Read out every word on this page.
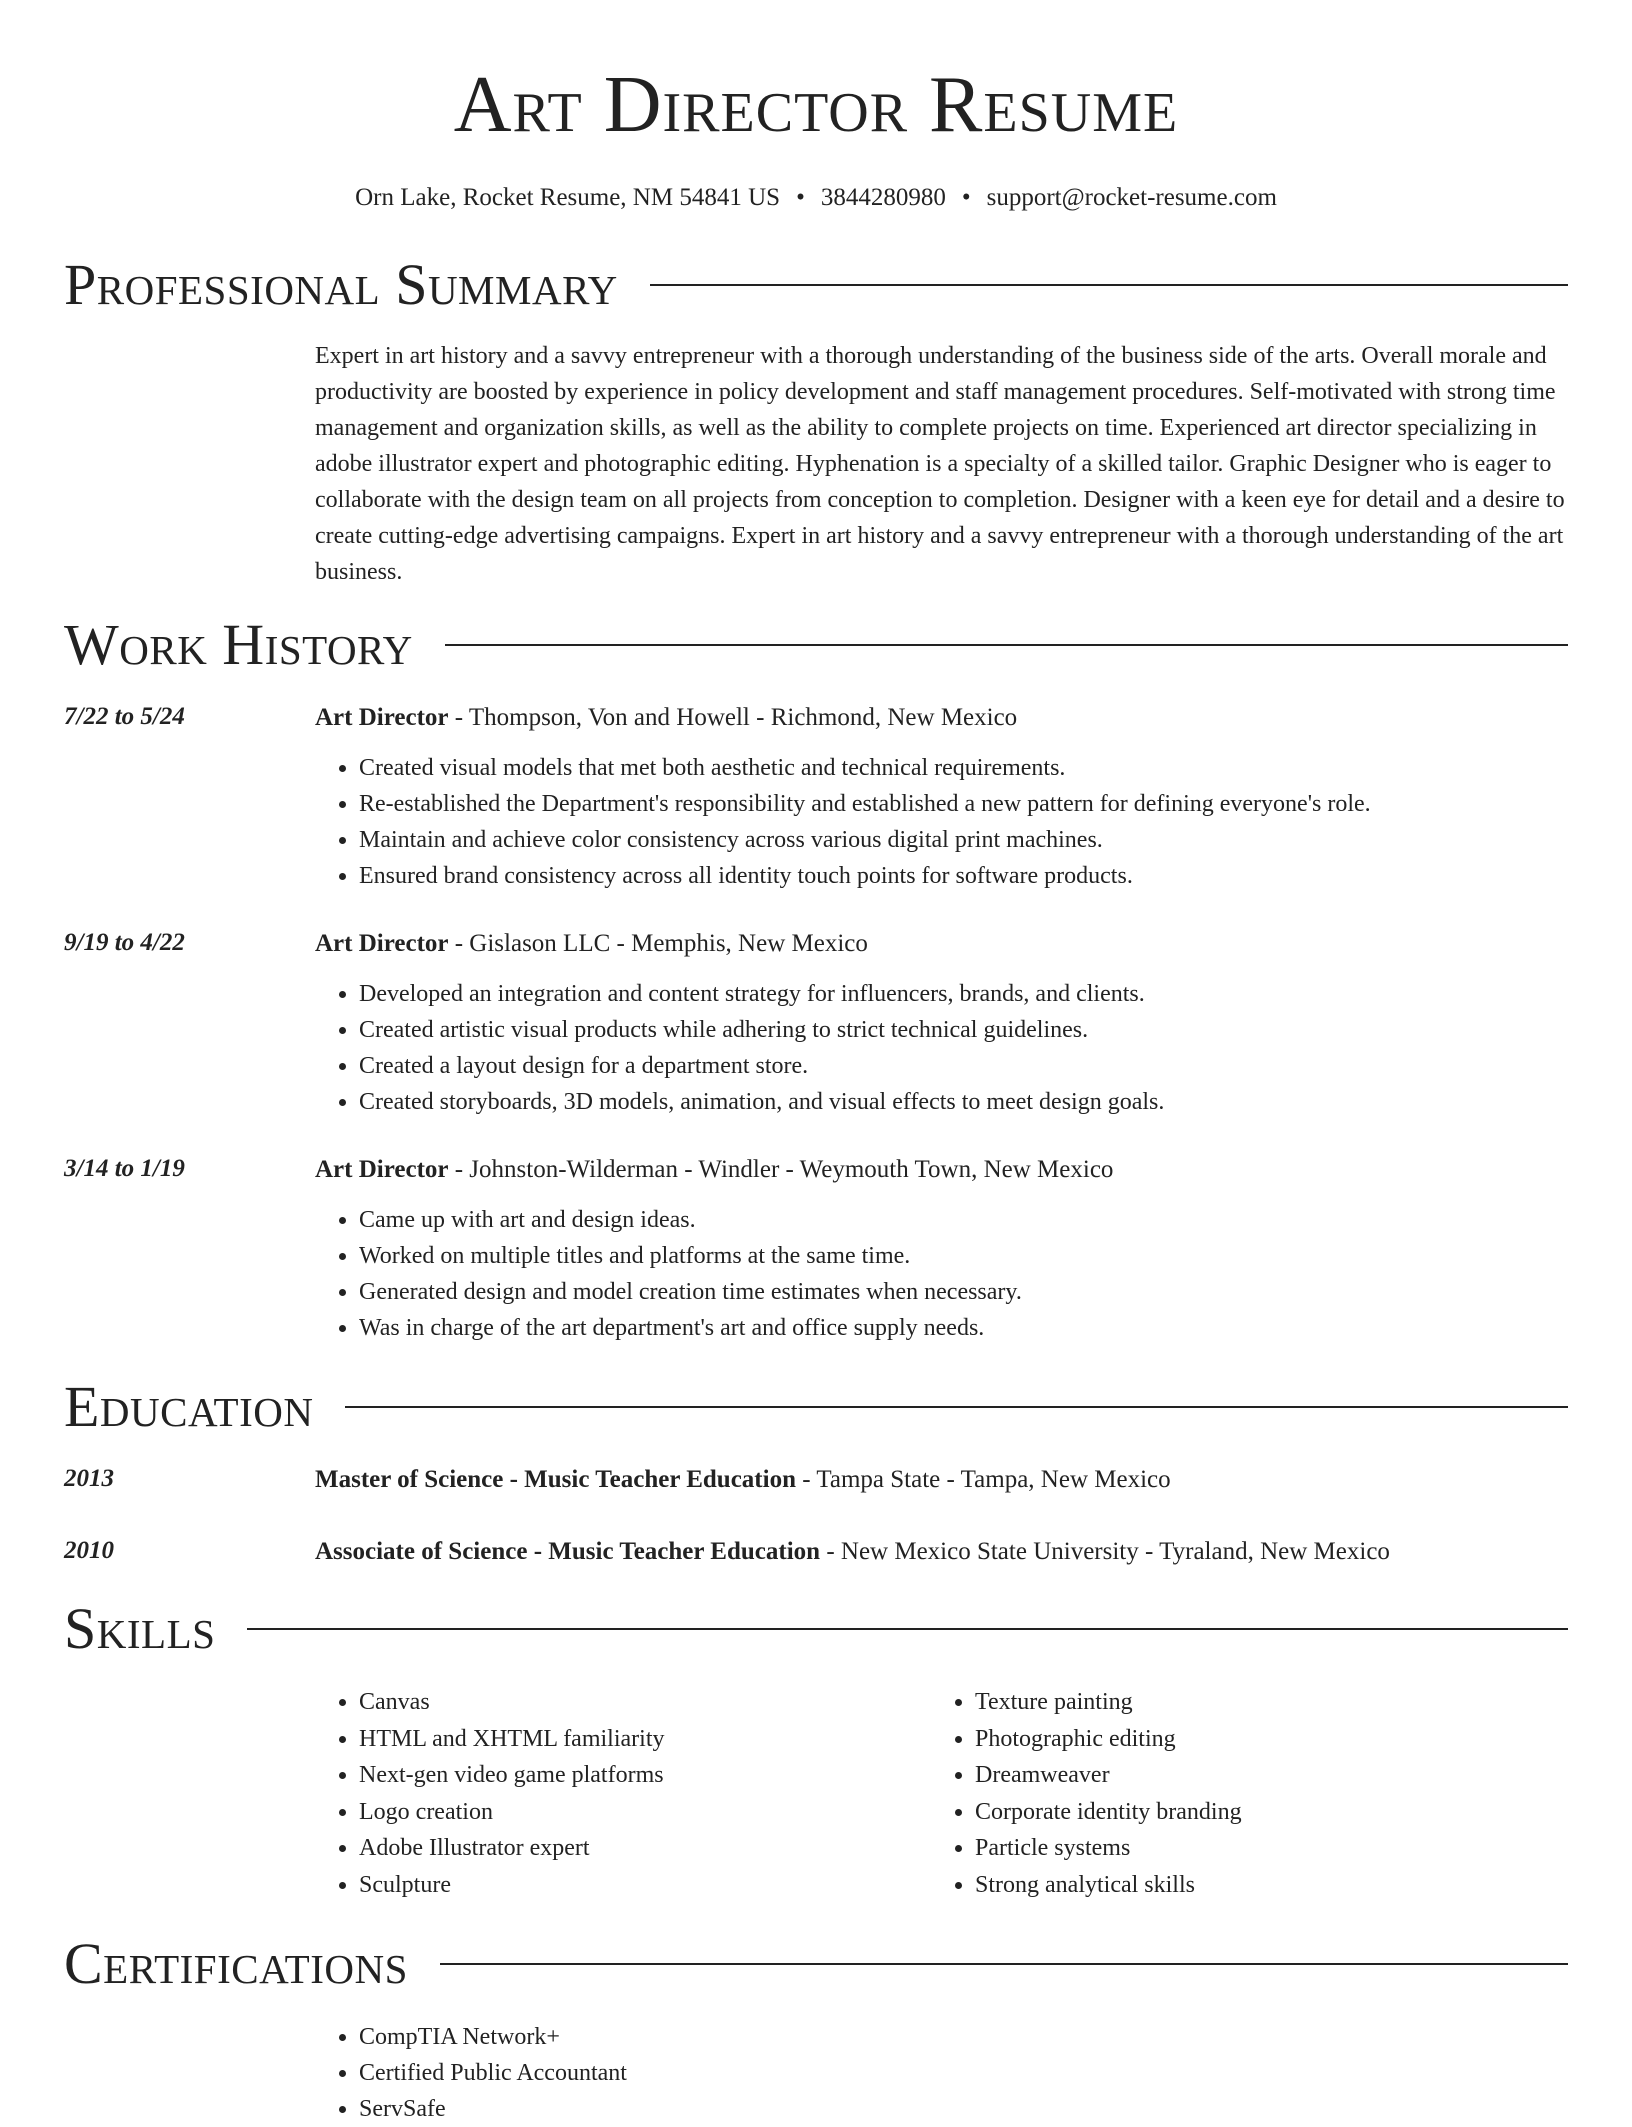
Art Director Resume
Orn Lake, Rocket Resume, NM 54841 US • 3844280980 • support@rocket-resume.com
Professional Summary
Expert in art history and a savvy entrepreneur with a thorough understanding of the business side of the arts. Overall morale and productivity are boosted by experience in policy development and staff management procedures. Self-motivated with strong time management and organization skills, as well as the ability to complete projects on time. Experienced art director specializing in adobe illustrator expert and photographic editing. Hyphenation is a specialty of a skilled tailor. Graphic Designer who is eager to collaborate with the design team on all projects from conception to completion. Designer with a keen eye for detail and a desire to create cutting-edge advertising campaigns. Expert in art history and a savvy entrepreneur with a thorough understanding of the art business.
Work History
7/22 to 5/24	Art Director - Thompson, Von and Howell - Richmond, New Mexico
• Created visual models that met both aesthetic and technical requirements.
• Re-established the Department's responsibility and established a new pattern for defining everyone's role.
• Maintain and achieve color consistency across various digital print machines.
• Ensured brand consistency across all identity touch points for software products.
9/19 to 4/22	Art Director - Gislason LLC - Memphis, New Mexico
• Developed an integration and content strategy for influencers, brands, and clients.
• Created artistic visual products while adhering to strict technical guidelines.
• Created a layout design for a department store.
• Created storyboards, 3D models, animation, and visual effects to meet design goals.
3/14 to 1/19	Art Director - Johnston-Wilderman - Windler - Weymouth Town, New Mexico
• Came up with art and design ideas.
• Worked on multiple titles and platforms at the same time.
• Generated design and model creation time estimates when necessary.
• Was in charge of the art department's art and office supply needs.
Education
2013	Master of Science - Music Teacher Education - Tampa State - Tampa, New Mexico
2010	Associate of Science - Music Teacher Education - New Mexico State University - Tyraland, New Mexico
Skills
• Canvas
• HTML and XHTML familiarity
• Next-gen video game platforms
• Logo creation
• Adobe Illustrator expert
• Sculpture
• Texture painting
• Photographic editing
• Dreamweaver
• Corporate identity branding
• Particle systems
• Strong analytical skills
Certifications
• CompTIA Network+
• Certified Public Accountant
• ServSafe
